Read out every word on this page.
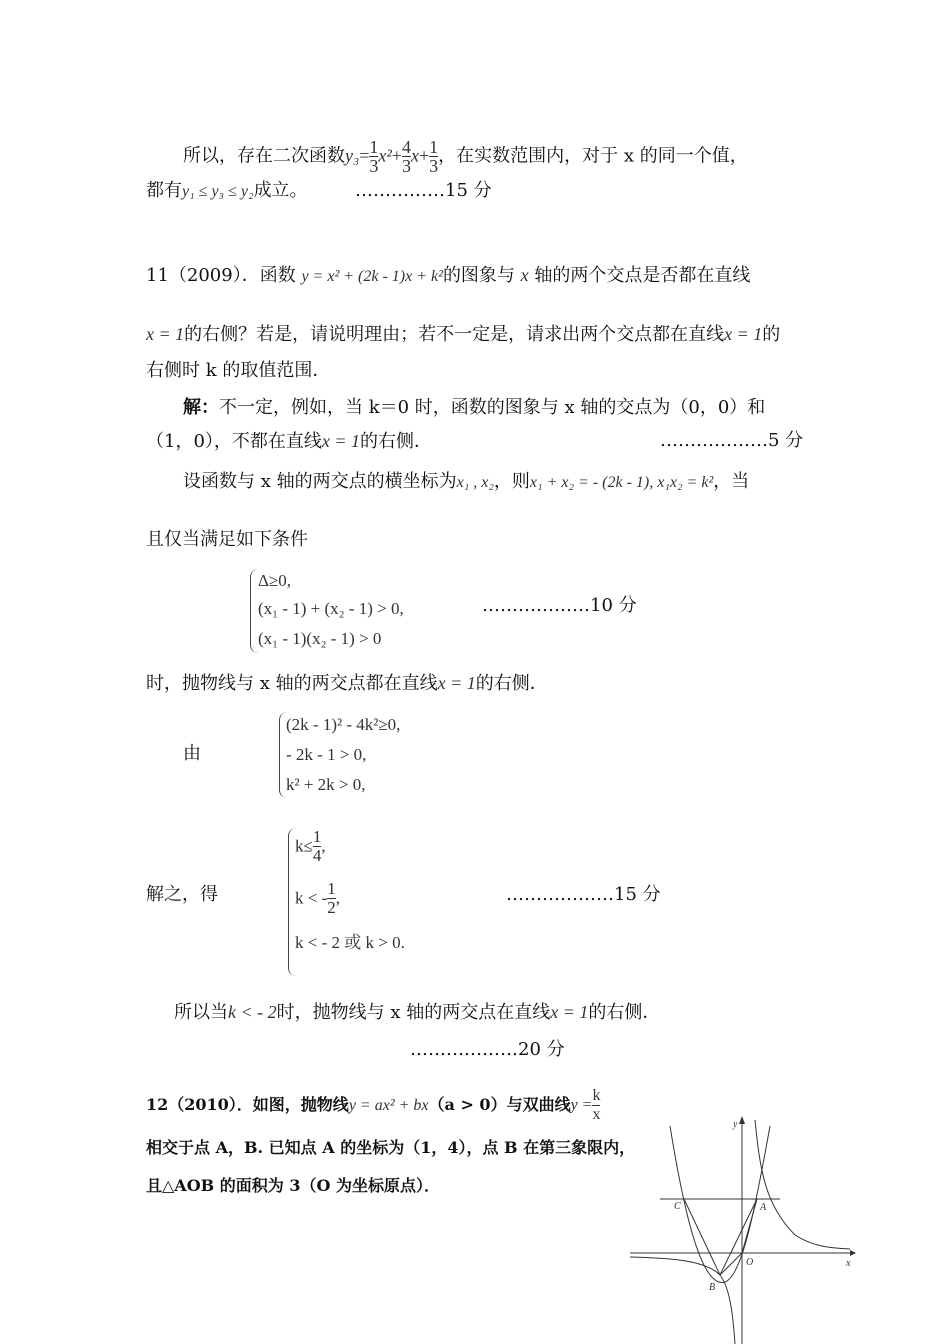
所以，存在二次函数$y_3= \frac{1}{3} x^2+ \frac{4}{3} x+ \frac{1}{3}$ ，在实数范围内，对于 x 的同一个值，
都有y₁ ≤ y₃ ≤ y₂成立。	……………15 分
11（2009）．函数 y = x² + (2k - 1)x + k²的图象与 x 轴的两个交点是否都在直线
x = 1的右侧？若是，请说明理由；若不一定是，请求出两个交点都在直线x = 1的
右侧时 k 的取值范围．
解：不一定，例如，当 k＝0 时，函数的图象与 x 轴的交点为（0，0）和
（1，0），不都在直线x = 1的右侧．	………………5 分
设函数与 x 轴的两交点的横坐标为x₁ , x₂，则x₁ + x₂ = - (2k - 1), x₁x₂ = k²，当
且仅当满足如下条件
Δ≥0,
(x₁ - 1) + (x₂ - 1) > 0,
(x₁ - 1)(x₂ - 1) > 0
………………10 分
时，抛物线与 x 轴的两交点都在直线x = 1的右侧．
由
(2k - 1)² - 4k²≥0,
- 2k - 1 > 0,
k² + 2k > 0,
解之，得
$k\le \frac{1}{4}$ ,
k < - $\frac{1}{2}$ ,
k < - 2 或 k > 0.
………………15 分
所以当k < - 2时，抛物线与 x 轴的两交点在直线x = 1的右侧．
………………20 分
12（2010）．如图，抛物线y = ax² + bx（a > 0）与双曲线$y = \frac{k}{x}$
相交于点 A，B. 已知点 A 的坐标为（1，4），点 B 在第三象限内，
且△AOB 的面积为 3（O 为坐标原点）．
y
x
C	A
O
B
